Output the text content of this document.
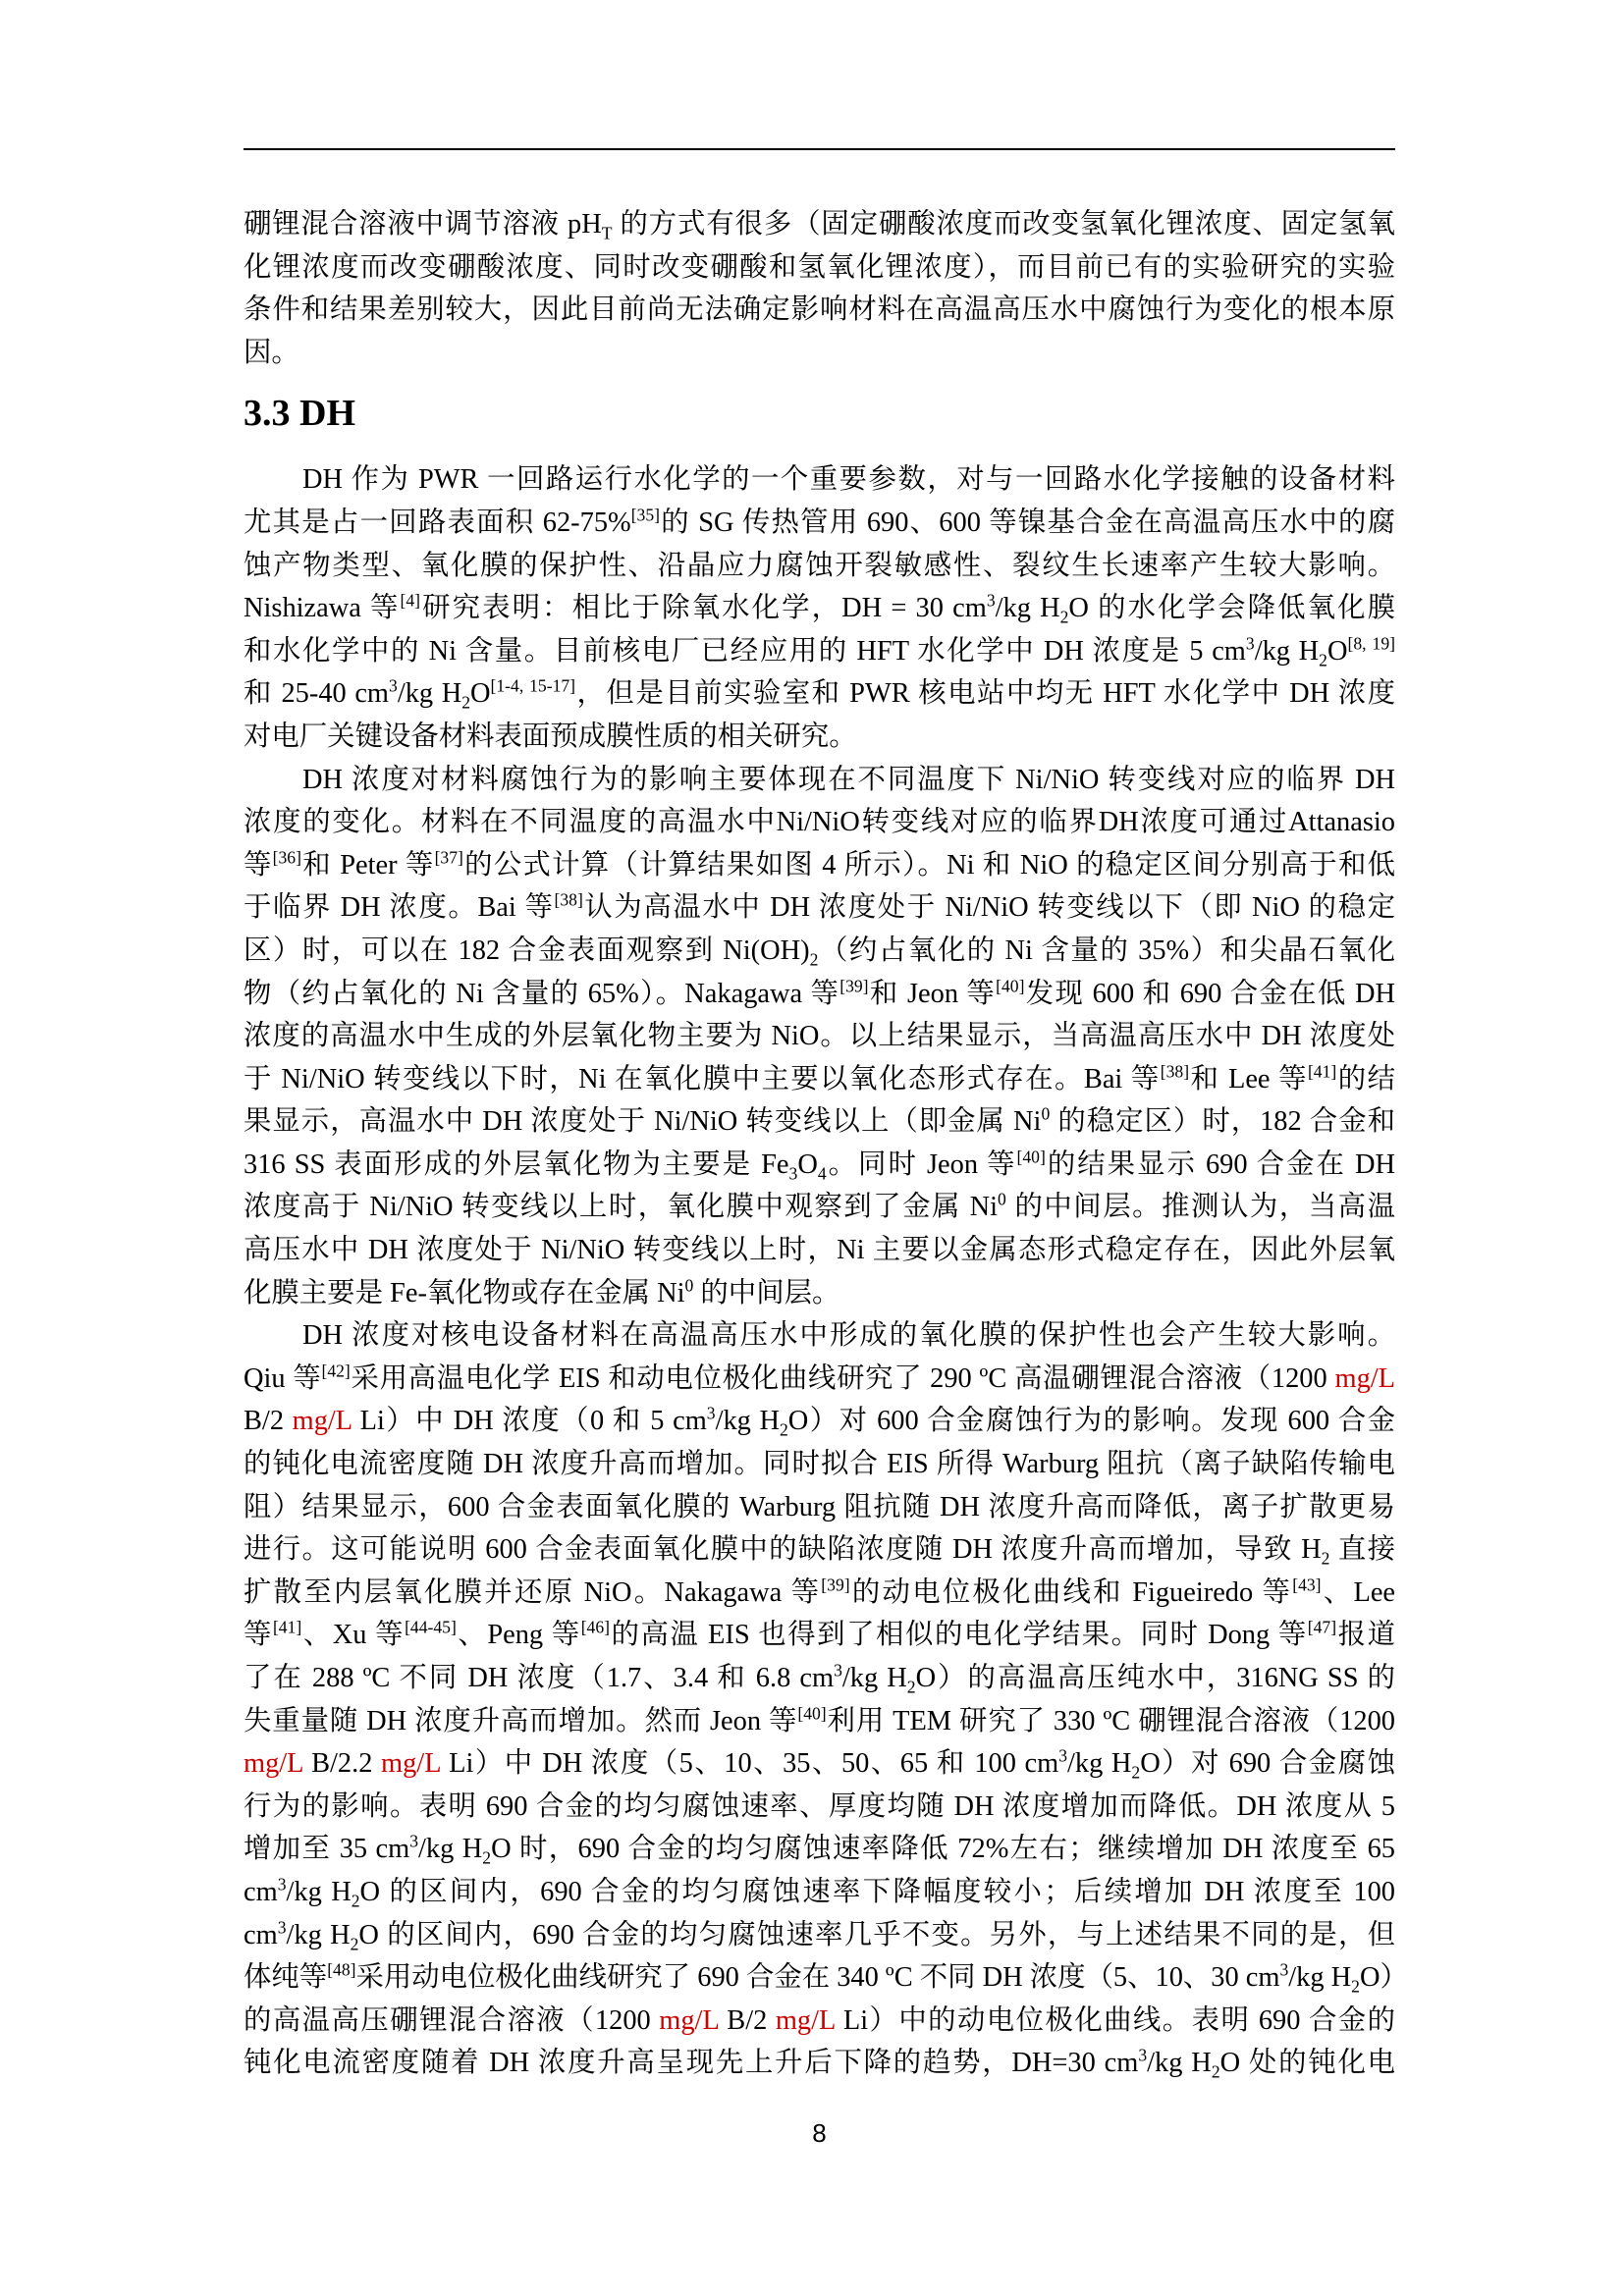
硼锂混合溶液中调节溶液 $pH_T$ 的方式有很多（固定硼酸浓度而改变氢氧化锂浓度、固定氢氧
化锂浓度而改变硼酸浓度、同时改变硼酸和氢氧化锂浓度），而目前已有的实验研究的实验
条件和结果差别较大，因此目前尚无法确定影响材料在高温高压水中腐蚀行为变化的根本原
因。
3.3 DH
DH 作为 PWR 一回路运行水化学的一个重要参数，对与一回路水化学接触的设备材料
尤其是占一回路表面积 62-75%[35]的 SG 传热管用 690、600 等镍基合金在高温高压水中的腐
蚀产物类型、氧化膜的保护性、沿晶应力腐蚀开裂敏感性、裂纹生长速率产生较大影响。
Nishizawa 等[4]研究表明：相比于除氧水化学，DH = 30 $cm^3/kg$ $H_2O$ 的水化学会降低氧化膜
和水化学中的 Ni 含量。目前核电厂已经应用的 HFT 水化学中 DH 浓度是 5 $cm^3/kg$ $H_2O[8, 19]$
和 25-40 $cm^3/kg$ $H_2O[1-4, 15-17]$，但是目前实验室和 PWR 核电站中均无 HFT 水化学中 DH 浓度
对电厂关键设备材料表面预成膜性质的相关研究。
DH 浓度对材料腐蚀行为的影响主要体现在不同温度下 Ni/NiO 转变线对应的临界 DH
浓度的变化。材料在不同温度的高温水中Ni/NiO转变线对应的临界DH浓度可通过Attanasio
等[36]和 Peter 等[37]的公式计算（计算结果如图 4 所示）。Ni 和 NiO 的稳定区间分别高于和低
于临界 DH 浓度。Bai 等[38]认为高温水中 DH 浓度处于 Ni/NiO 转变线以下（即 NiO 的稳定
区）时，可以在 182 合金表面观察到 $Ni(OH)_2$（约占氧化的 Ni 含量的 35%）和尖晶石氧化
物（约占氧化的 Ni 含量的 65%）。Nakagawa 等[39]和 Jeon 等[40]发现 600 和 690 合金在低 DH
浓度的高温水中生成的外层氧化物主要为 NiO。以上结果显示，当高温高压水中 DH 浓度处
于 Ni/NiO 转变线以下时，Ni 在氧化膜中主要以氧化态形式存在。Bai 等[38]和 Lee 等[41]的结
果显示，高温水中 DH 浓度处于 Ni/NiO 转变线以上（即金属 Ni$^0$ 的稳定区）时，182 合金和
316 SS 表面形成的外层氧化物为主要是 $Fe_3O_4$。同时 Jeon 等[40]的结果显示 690 合金在 DH
浓度高于 Ni/NiO 转变线以上时，氧化膜中观察到了金属 Ni$^0$ 的中间层。推测认为，当高温
高压水中 DH 浓度处于 Ni/NiO 转变线以上时，Ni 主要以金属态形式稳定存在，因此外层氧
化膜主要是 Fe-氧化物或存在金属 Ni$^0$ 的中间层。
DH 浓度对核电设备材料在高温高压水中形成的氧化膜的保护性也会产生较大影响。
Qiu 等[42]采用高温电化学 EIS 和动电位极化曲线研究了 290 ºC 高温硼锂混合溶液（1200 mg/L
B/2 mg/L Li）中 DH 浓度（0 和 5 $cm^3/kg$ $H_2O$）对 600 合金腐蚀行为的影响。发现 600 合金
的钝化电流密度随 DH 浓度升高而增加。同时拟合 EIS 所得 Warburg 阻抗（离子缺陷传输电
阻）结果显示，600 合金表面氧化膜的 Warburg 阻抗随 DH 浓度升高而降低，离子扩散更易
进行。这可能说明 600 合金表面氧化膜中的缺陷浓度随 DH 浓度升高而增加，导致 $H_2$ 直接
扩散至内层氧化膜并还原 NiO。Nakagawa 等[39]的动电位极化曲线和 Figueiredo 等[43]、Lee
等[41]、Xu 等[44-45]、Peng 等[46]的高温 EIS 也得到了相似的电化学结果。同时 Dong 等[47]报道
了在 288 ºC 不同 DH 浓度（1.7、3.4 和 6.8 $cm^3/kg$ $H_2O$）的高温高压纯水中，316NG SS 的
失重量随 DH 浓度升高而增加。然而 Jeon 等[40]利用 TEM 研究了 330 ºC 硼锂混合溶液（1200
mg/L B/2.2 mg/L Li）中 DH 浓度（5、10、35、50、65 和 100 $cm^3/kg$ $H_2O$）对 690 合金腐蚀
行为的影响。表明 690 合金的均匀腐蚀速率、厚度均随 DH 浓度增加而降低。DH 浓度从 5
增加至 35 $cm^3/kg$ $H_2O$ 时，690 合金的均匀腐蚀速率降低 72%左右；继续增加 DH 浓度至 65
$cm^3/kg$ $H_2O$ 的区间内，690 合金的均匀腐蚀速率下降幅度较小；后续增加 DH 浓度至 100
$cm^3/kg$ $H_2O$ 的区间内，690 合金的均匀腐蚀速率几乎不变。另外，与上述结果不同的是，但
体纯等[48]采用动电位极化曲线研究了 690 合金在 340 ºC 不同 DH 浓度（5、10、30 $cm^3/kg$ $H_2O$）
的高温高压硼锂混合溶液（1200 mg/L B/2 mg/L Li）中的动电位极化曲线。表明 690 合金的
钝化电流密度随着 DH 浓度升高呈现先上升后下降的趋势，DH=30 $cm^3/kg$ $H_2O$ 处的钝化电
8
